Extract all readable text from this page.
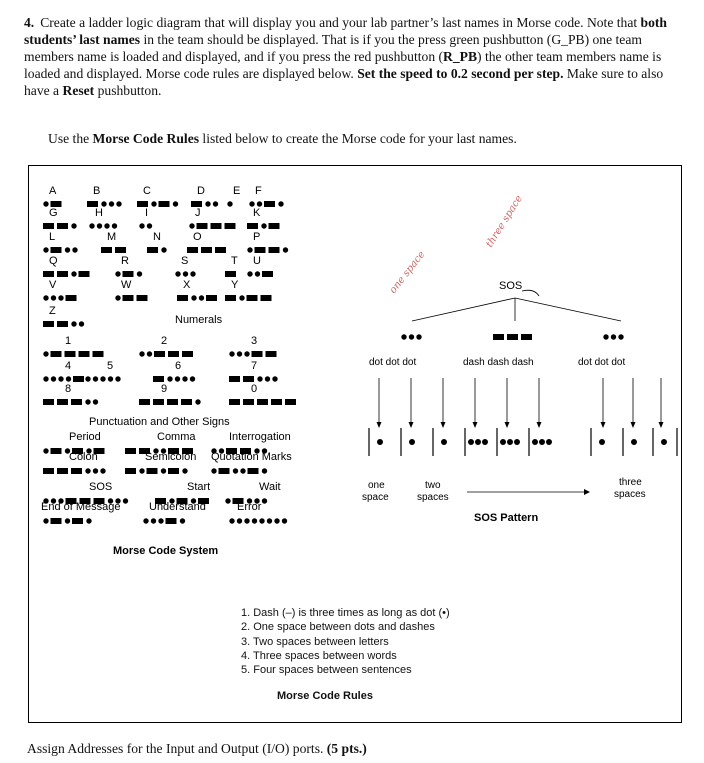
4. Create a ladder logic diagram that will display you and your lab partner’s last names in Morse code. Note that both students’ last names in the team should be displayed. That is if you the press green pushbutton (G_PB) one team members name is loaded and displayed, and if you press the red pushbutton (R_PB) the other team members name is loaded and displayed. Morse code rules are displayed below. Set the speed to 0.2 second per step. Make sure to also have a Reset pushbutton.
Use the Morse Code Rules listed below to create the Morse code for your last names.
A	B	C	D	E F
G	H	I	J	K
L	M	N	O	P
Q	R	S	T U
V	W	X	Y
Z
1	2	3
4	5	6	7
8	9	0
Period	Comma	Interrogation
Colon	Semicolon Quotation Marks
SOS	Start	Wait
End of Message	Understand	Error
Numerals
Punctuation and Other Signs
Morse Code System
one space
three space
SOS
dot dot dot	dash dash dash	dot dot dot
one
space
two
spaces
three
spaces
SOS Pattern
1. Dash (–) is three times as long as dot (•)
2. One space between dots and dashes
3. Two spaces between letters
4. Three spaces between words
5. Four spaces between sentences
Morse Code Rules
Assign Addresses for the Input and Output (I/O) ports. (5 pts.)
